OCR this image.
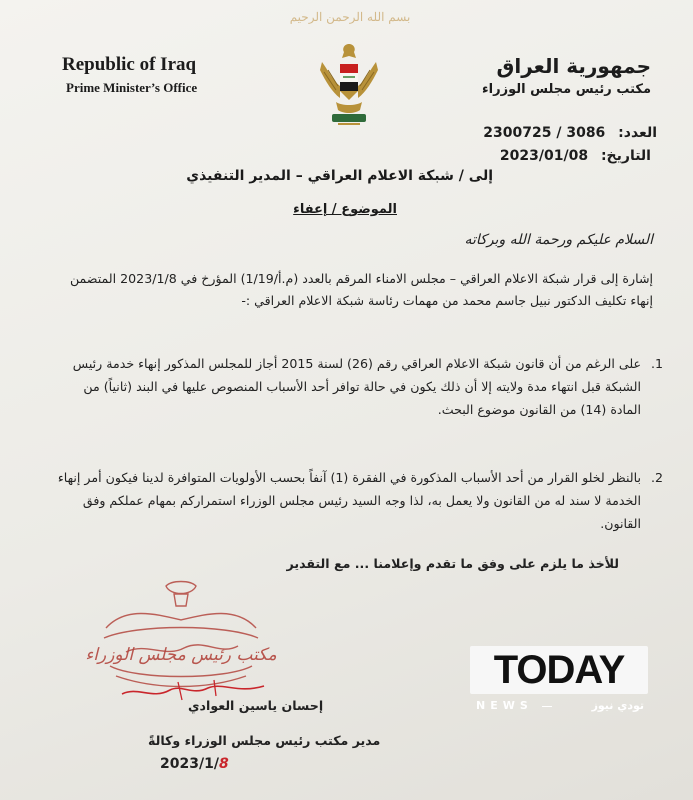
بسم الله الرحمن الرحيم
Republic of Iraq
Prime Minister’s Office
جمهورية العراق
مكتب رئيس مجلس الوزراء
العدد: 2300725 / 3086
التاريخ: 2023/01/08
إلى / شبكة الاعلام العراقي – المدير التنفيذي
الموضوع / إعفاء
السلام عليكم ورحمة الله وبركاته
إشارة إلى قرار شبكة الاعلام العراقي – مجلس الامناء المرقم بالعدد (م.أ/1/19) المؤرخ في 2023/1/8 المتضمن إنهاء تكليف الدكتور نبيل جاسم محمد من مهمات رئاسة شبكة الاعلام العراقي :-
1.
على الرغم من أن قانون شبكة الاعلام العراقي رقم (26) لسنة 2015 أجاز للمجلس المذكور إنهاء خدمة رئيس الشبكة قبل انتهاء مدة ولايته إلا أن ذلك يكون في حالة توافر أحد الأسباب المنصوص عليها في البند (ثانياً) من المادة (14) من القانون موضوع البحث.
2.
بالنظر لخلو القرار من أحد الأسباب المذكورة في الفقرة (1) آنفاً بحسب الأولويات المتوافرة لدينا فيكون أمر إنهاء الخدمة لا سند له من القانون ولا يعمل به، لذا وجه السيد رئيس مجلس الوزراء استمراركم بمهام عملكم وفق القانون.
للأخذ ما يلزم على وفق ما تقدم وإعلامنا ... مع التقدير
مكتب رئيس مجلس الوزراء
إحسان ياسين العوادي
مدير مكتب رئيس مجلس الوزراء وكالةً
2023/1/8
TODAY
NEWS	تودي نيوز
